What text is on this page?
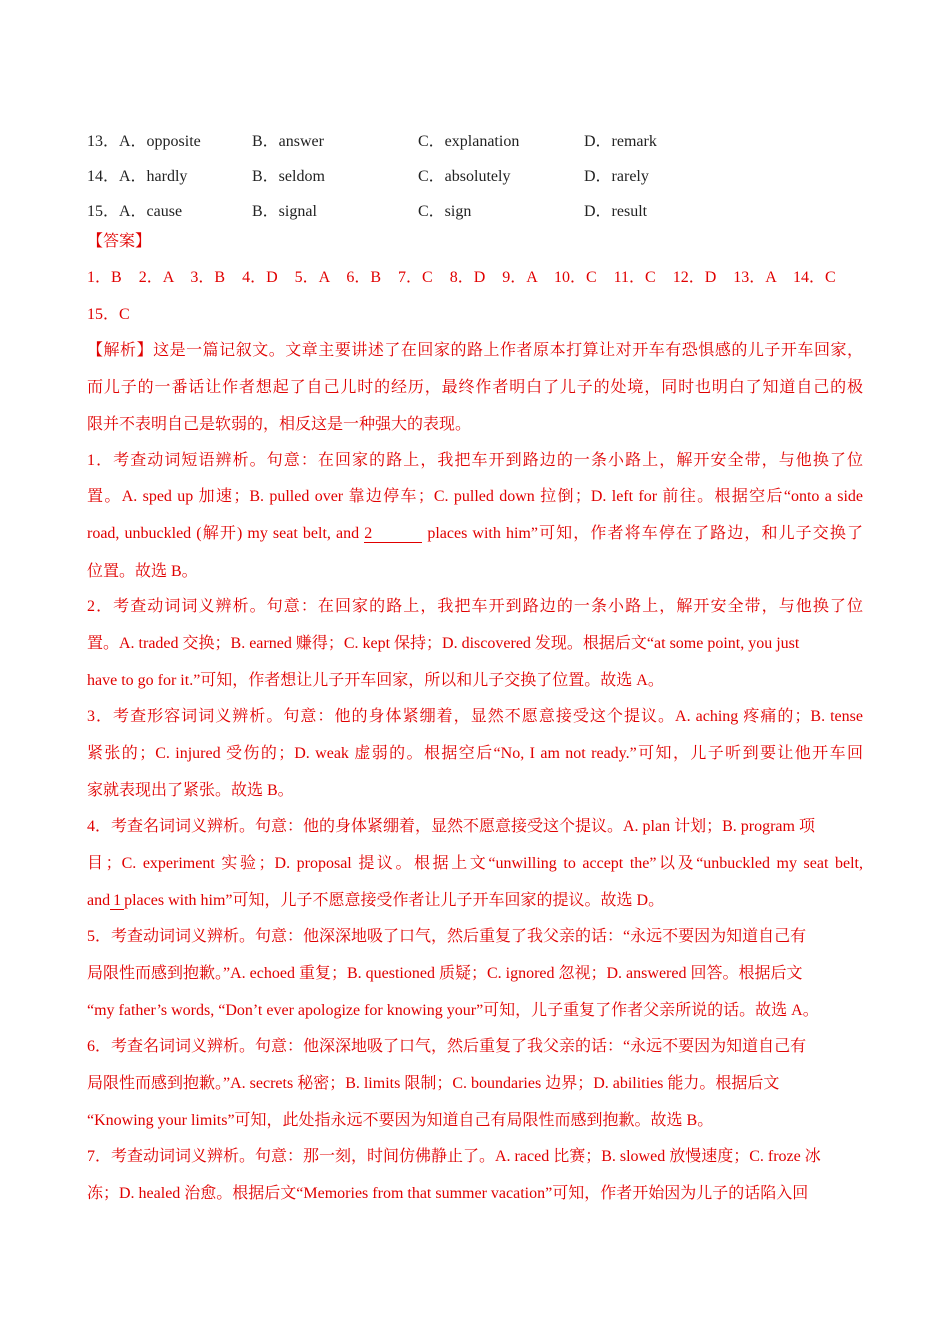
13．A．opposite	B．answer	C．explanation	D．remark
14．A．hardly	B．seldom	C．absolutely	D．rarely
15．A．cause	B．signal	C．sign	D．result
【答案】
1．B 2．A 3．B 4．D 5．A 6．B 7．C 8．D 9．A 10．C 11．C 12．D 13．A 14．C
15．C
【解析】这是一篇记叙文。文章主要讲述了在回家的路上作者原本打算让对开车有恐惧感的儿子开车回家，
而儿子的一番话让作者想起了自己儿时的经历，最终作者明白了儿子的处境，同时也明白了知道自己的极
限并不表明自己是软弱的，相反这是一种强大的表现。
1．考查动词短语辨析。句意：在回家的路上，我把车开到路边的一条小路上，解开安全带，与他换了位
置。A. sped up 加速；B. pulled over 靠边停车；C. pulled down 拉倒；D. left for 前往。根据空后“onto a side
road, unbuckled (解开) my seat belt, and 2	places with him”可知，作者将车停在了路边，和儿子交换了
位置。故选 B。
2．考查动词词义辨析。句意：在回家的路上，我把车开到路边的一条小路上，解开安全带，与他换了位
置。A. traded 交换；B. earned 赚得；C. kept 保持；D. discovered 发现。根据后文“at some point, you just
have to go for it.”可知，作者想让儿子开车回家，所以和儿子交换了位置。故选 A。
3．考查形容词词义辨析。句意：他的身体紧绷着，显然不愿意接受这个提议。A. aching 疼痛的；B. tense
紧张的；C. injured 受伤的；D. weak 虚弱的。根据空后“No, I am not ready.”可知，儿子听到要让他开车回
家就表现出了紧张。故选 B。
4．考查名词词义辨析。句意：他的身体紧绷着，显然不愿意接受这个提议。A. plan 计划；B. program 项
目；C. experiment 实验；D. proposal 提议。根据上文“unwilling to accept the”以及“unbuckled my seat belt,
and 1 places with him”可知，儿子不愿意接受作者让儿子开车回家的提议。故选 D。
5．考查动词词义辨析。句意：他深深地吸了口气，然后重复了我父亲的话：“永远不要因为知道自己有
局限性而感到抱歉。”A. echoed 重复；B. questioned 质疑；C. ignored 忽视；D. answered 回答。根据后文
“my father’s words, “Don’t ever apologize for knowing your”可知，儿子重复了作者父亲所说的话。故选 A。
6．考查名词词义辨析。句意：他深深地吸了口气，然后重复了我父亲的话：“永远不要因为知道自己有
局限性而感到抱歉。”A. secrets 秘密；B. limits 限制；C. boundaries 边界；D. abilities 能力。根据后文
“Knowing your limits”可知，此处指永远不要因为知道自己有局限性而感到抱歉。故选 B。
7．考查动词词义辨析。句意：那一刻，时间仿佛静止了。A. raced 比赛；B. slowed 放慢速度；C. froze 冰
冻；D. healed 治愈。根据后文“Memories from that summer vacation”可知，作者开始因为儿子的话陷入回
